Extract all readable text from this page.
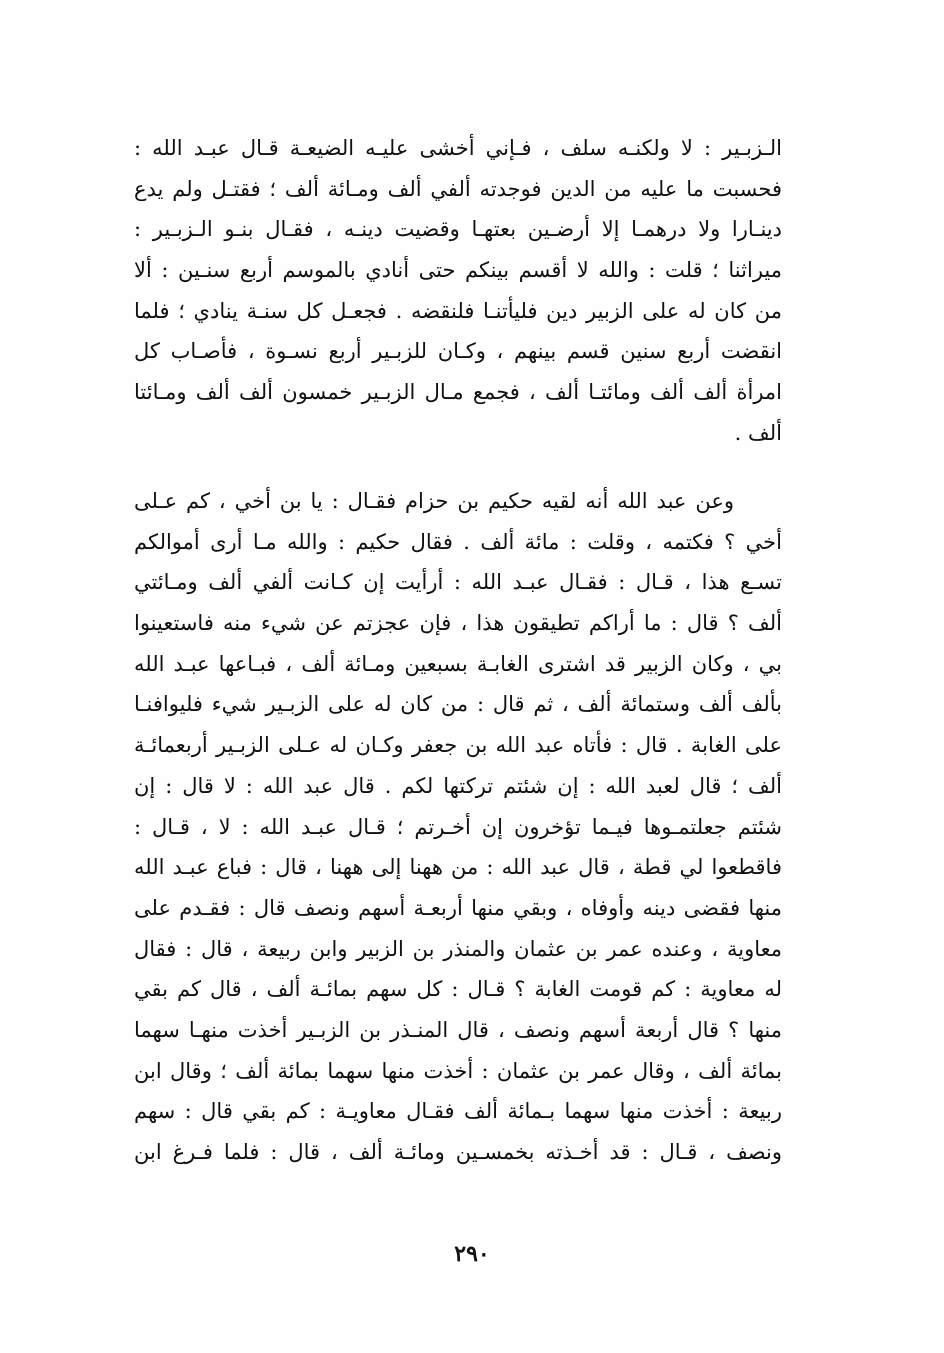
الـزبـير : لا ولكنـه سلف ، فـإني أخشى عليـه الضيعـة قـال عبـد الله :
فحسبت ما عليه من الدين فوجدته ألفي ألف ومـائة ألف ؛ فقتـل ولم يدع
دينـارا ولا درهمـا إلا أرضـين بعتهـا وقضيت دينـه ، فقـال بنـو الـزبـير :
ميراثنا ؛ قلت : والله لا أقسم بينكم حتى أنادي بالموسم أربع سنـين : ألا
من كان له على الزبير دين فليأتنـا فلنقضه . فجعـل كل سنـة ينادي ؛ فلما
انقضت أربع سنين قسم بينهم ، وكـان للزبـير أربع نسـوة ، فأصـاب كل
امرأة ألف ألف ومائتـا ألف ، فجمع مـال الزبـير خمسون ألف ألف ومـائتا
ألف .
وعن عبد الله أنه لقيه حكيم بن حزام فقـال : يا بن أخي ، كم عـلى
أخي ؟ فكتمه ، وقلت : مائة ألف . فقال حكيم : والله مـا أرى أموالكم
تسـع هذا ، قـال : فقـال عبـد الله : أرأيت إن كـانت ألفي ألف ومـائتي
ألف ؟ قال : ما أراكم تطيقون هذا ، فإن عجزتم عن شيء منه فاستعينوا
بي ، وكان الزبير قد اشترى الغابـة بسبعين ومـائة ألف ، فبـاعها عبـد الله
بألف ألف وستمائة ألف ، ثم قال : من كان له على الزبـير شيء فليوافنـا
على الغابة . قال : فأتاه عبد الله بن جعفر وكـان له عـلى الزبـير أربعمائـة
ألف ؛ قال لعبد الله : إن شئتم تركتها لكم . قال عبد الله : لا قال : إن
شئتم جعلتمـوها فيـما تؤخرون إن أخـرتم ؛ قـال عبـد الله : لا ، قـال :
فاقطعوا لي قطة ، قال عبد الله : من ههنا إلى ههنا ، قال : فباع عبـد الله
منها فقضى دينه وأوفاه ، وبقي منها أربعـة أسهم ونصف قال : فقـدم على
معاوية ، وعنده عمر بن عثمان والمنذر بن الزبير وابن ربيعة ، قال : فقال
له معاوية : كم قومت الغابة ؟ قـال : كل سهم بمائـة ألف ، قال كم بقي
منها ؟ قال أربعة أسهم ونصف ، قال المنـذر بن الزبـير أخذت منهـا سهما
بمائة ألف ، وقال عمر بن عثمان : أخذت منها سهما بمائة ألف ؛ وقال ابن
ربيعة : أخذت منها سهما بـمائة ألف فقـال معاويـة : كم بقي قال : سهم
ونصف ، قـال : قد أخـذته بخمسـين ومائـة ألف ، قال : فلما فـرغ ابن
٢٩٠
